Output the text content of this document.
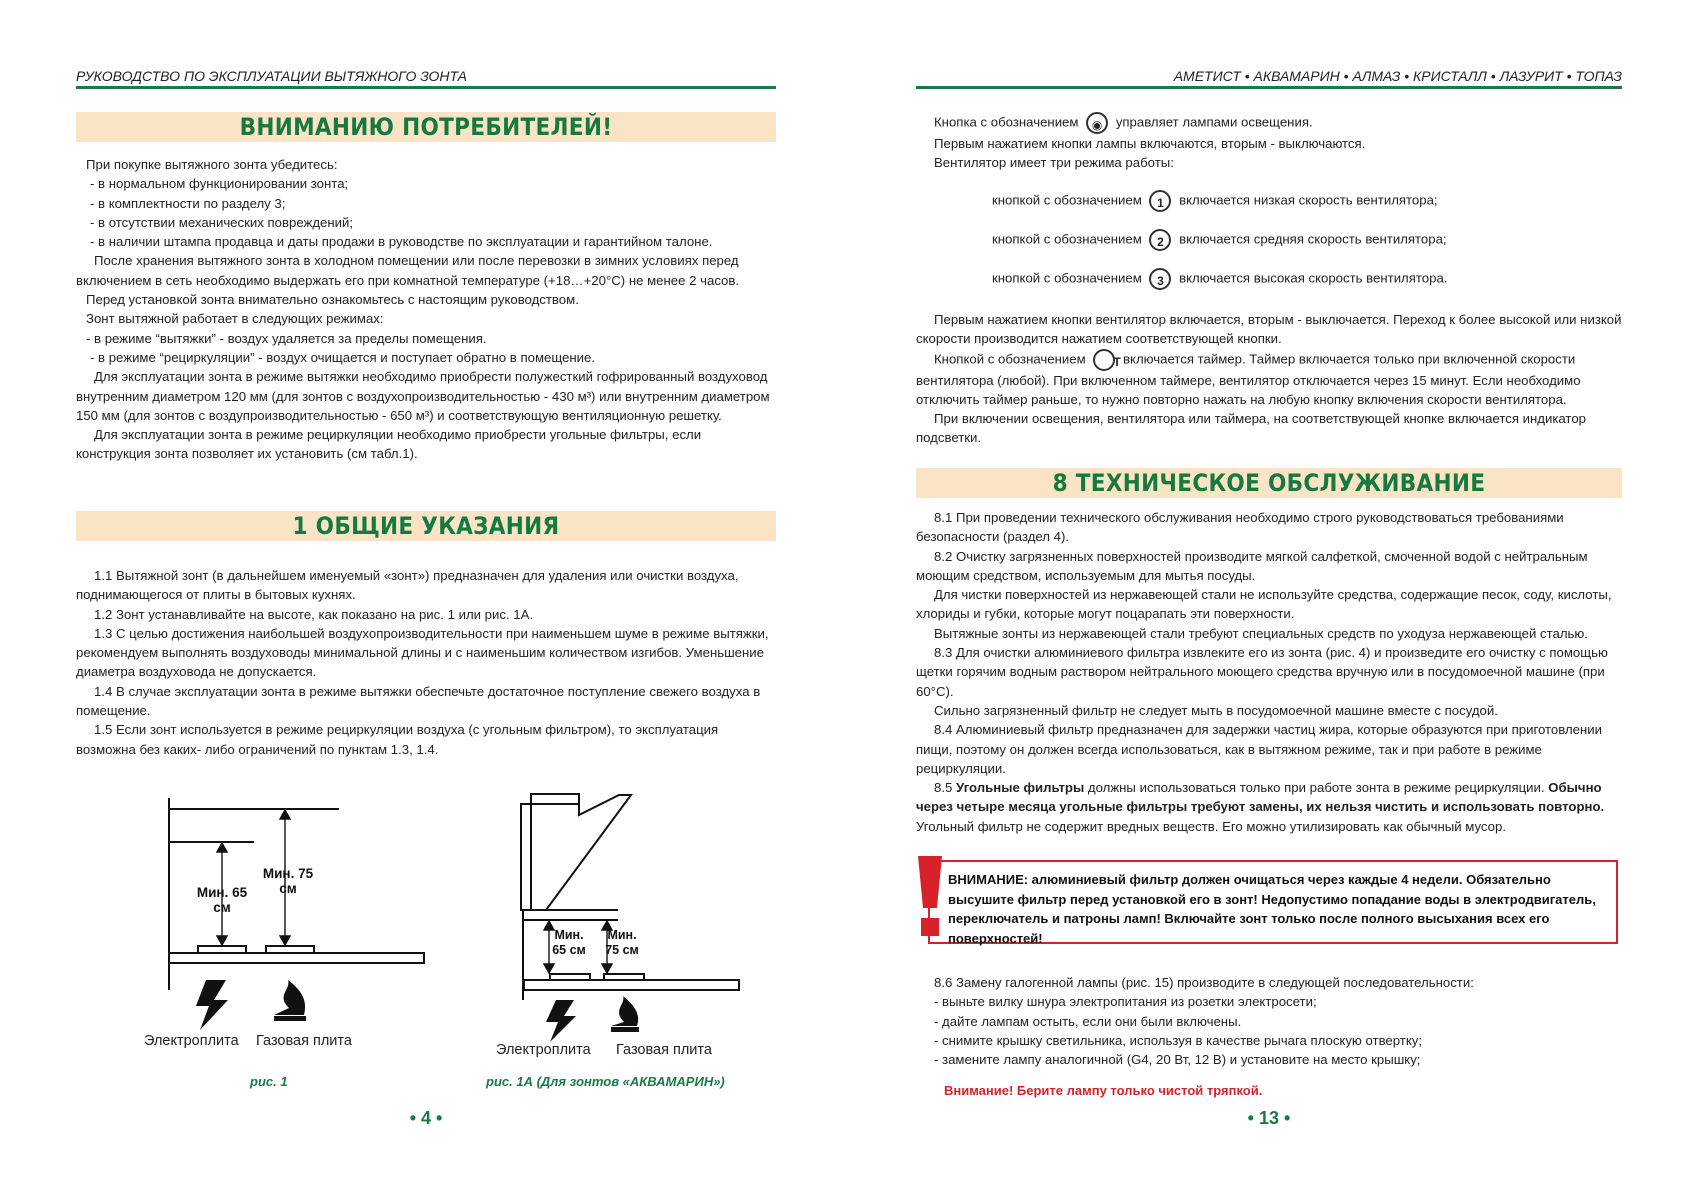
РУКОВОДСТВО ПО ЭКСПЛУАТАЦИИ ВЫТЯЖНОГО ЗОНТА
ВНИМАНИЮ ПОТРЕБИТЕЛЕЙ!

При покупке вытяжного зонта убедитесь:

- в нормальном функционировании зонта;

- в комплектности по разделу 3;

- в отсутствии механических повреждений;

- в наличии штампа продавца и даты продажи в руководстве по эксплуатации и гарантийном талоне.

После хранения вытяжного зонта в холодном помещении или после перевозки в зимних условиях перед включением в сеть необходимо выдержать его при комнатной температуре (+18…+20°С) не менее 2 часов.

Перед установкой зонта внимательно ознакомьтесь с настоящим руководством.

Зонт вытяжной работает в следующих режимах:

- в режиме “вытяжки” - воздух удаляется за пределы помещения.

- в режиме “рециркуляции” - воздух очищается и поступает обратно в помещение.

Для эксплуатации зонта в режиме вытяжки необходимо приобрести полужесткий гофрированный воздуховод внутренним диаметром 120 мм (для зонтов с воздухопроизводительностью - 430 м³) или внутренним диаметром 150 мм (для зонтов с воздупроизводительностью - 650 м³) и соответствующую вентиляционную решетку.

Для эксплуатации зонта в режиме рециркуляции необходимо приобрести угольные фильтры, если конструкция зонта позволяет их установить (см табл.1).

1 ОБЩИЕ УКАЗАНИЯ

1.1 Вытяжной зонт (в дальнейшем именуемый «зонт») предназначен для удаления или очистки воздуха, поднимающегося от плиты в бытовых кухнях.

1.2 Зонт устанавливайте на высоте, как показано на рис. 1 или рис. 1А.

1.3 С целью достижения наибольшей воздухопроизводительности при наименьшем шуме в режиме вытяжки, рекомендуем выполнять воздуховоды минимальной длины и с наименьшим количеством изгибов. Уменьшение диаметра воздуховода не допускается.

1.4 В случае эксплуатации зонта в режиме вытяжки обеспечьте достаточное поступление свежего воздуха в помещение.

1.5 Если зонт используется в режиме рециркуляции воздуха (с угольным фильтром), то эксплуатация возможна без каких- либо ограничений по пунктам 1.3, 1.4.

Мин. 65 см
Мин. 75 см
Электроплита Газовая плита
рис. 1
Мин. 65 см
Мин. 75 см
Электроплита Газовая плита
рис. 1А (Для зонтов «АКВАМАРИН»)
• 4 •
АМЕТИСТ • АКВАМАРИН • АЛМАЗ • КРИСТАЛЛ • ЛАЗУРИТ • ТОПАЗ

Кнопка с обозначением ◉ управляет лампами освещения.

Первым нажатием кнопки лампы включаются, вторым - выключаются.

Вентилятор имеет три режима работы:

кнопкой с обозначением 1 включается низкая скорость вентилятора;
кнопкой с обозначением 2 включается средняя скорость вентилятора;
кнопкой с обозначением 3 включается высокая скорость вентилятора.

Первым нажатием кнопки вентилятор включается, вторым - выключается. Переход к более высокой или низкой скорости производится нажатием соответствующей кнопки.

Кнопкой с обозначением T включается таймер. Таймер включается только при включенной скорости вентилятора (любой). При включенном таймере, вентилятор отключается через 15 минут. Если необходимо отключить таймер раньше, то нужно повторно нажать на любую кнопку включения скорости вентилятора.

При включении освещения, вентилятора или таймера, на соответствующей кнопке включается индикатор подсветки.

8 ТЕХНИЧЕСКОЕ ОБСЛУЖИВАНИЕ

8.1 При проведении технического обслуживания необходимо строго руководствоваться требованиями безопасности (раздел 4).

8.2 Очистку загрязненных поверхностей производите мягкой салфеткой, смоченной водой с нейтральным моющим средством, используемым для мытья посуды.

Для чистки поверхностей из нержавеющей стали не используйте средства, содержащие песок, соду, кислоты, хлориды и губки, которые могут поцарапать эти поверхности.

Вытяжные зонты из нержавеющей стали требуют специальных средств по уходуза нержавеющей сталью.

8.3 Для очистки алюминиевого фильтра извлеките его из зонта (рис. 4) и произведите его очистку с помощью щетки горячим водным раствором нейтрального моющего средства вручную или в посудомоечной машине (при 60°С).

Сильно загрязненный фильтр не следует мыть в посудомоечной машине вместе с посудой.

8.4 Алюминиевый фильтр предназначен для задержки частиц жира, которые образуются при приготовлении пищи, поэтому он должен всегда использоваться, как в вытяжном режиме, так и при работе в режиме рециркуляции.

8.5 Угольные фильтры должны использоваться только при работе зонта в режиме рециркуляции. Обычно через четыре месяца угольные фильтры требуют замены, их нельзя чистить и использовать повторно. Угольный фильтр не содержит вредных веществ. Его можно утилизировать как обычный мусор.

ВНИМАНИЕ: алюминиевый фильтр должен очищаться через каждые 4 недели. Обязательно высушите фильтр перед установкой его в зонт! Недопустимо попадание воды в электродвигатель, переключатель и патроны ламп! Включайте зонт только после полного высыхания всех его поверхностей!

8.6 Замену галогенной лампы (рис. 15) производите в следующей последовательности:

- выньте вилку шнура электропитания из розетки электросети;

- дайте лампам остыть, если они были включены.

- снимите крышку светильника, используя в качестве рычага плоскую отвертку;

- замените лампу аналогичной (G4, 20 Вт, 12 В) и установите на место крышку;

Внимание! Берите лампу только чистой тряпкой.
• 13 •
